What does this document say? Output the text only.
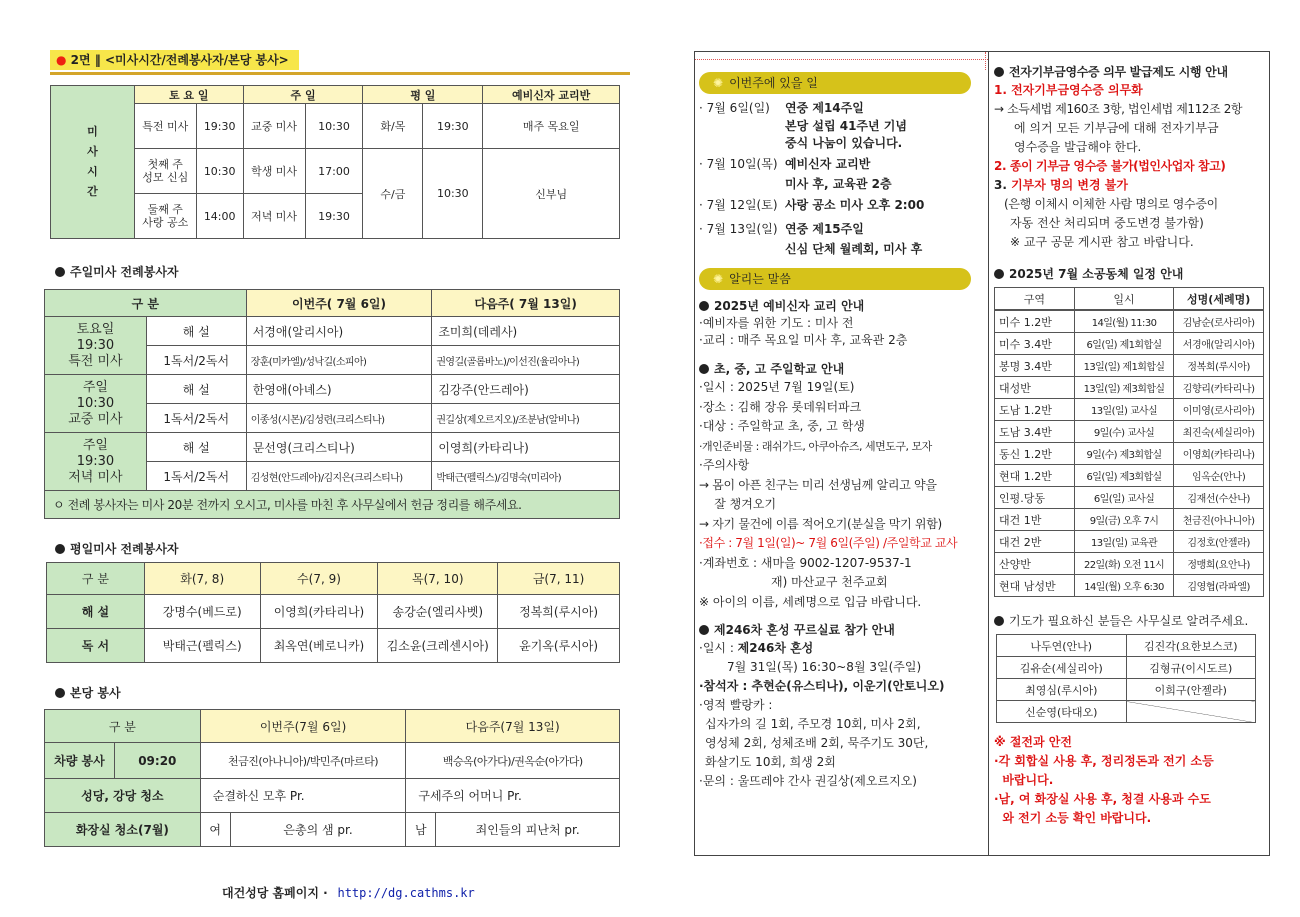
● 2면 ‖ <미사시간/전례봉사자/본당 봉사>
미
사
시
간	토 요 일		주 일		평 일		예비신자 교리반
	특전 미사	19:30	교중 미사	10:30	화/목	19:30	매주 목요일
	첫째 주
성모 신심	10:30	학생 미사	17:00	수/금	10:30	신부님
	둘째 주
사랑 공소	14:00	저녁 미사	19:30			
주일미사 전례봉사자
구 분		이번주( 7월 6일)	다음주( 7월 13일)
토요일
19:30
특전 미사	해 설	서경애(알리시아)	조미희(데레사)
	1독서/2독서	장훈(미카엘)/성낙길(소피아)	권영길(골롬바노)/이선진(율리아나)
주일
10:30
교중 미사	해 설	한영애(아녜스)	김강주(안드레아)
	1독서/2독서	이종성(시몬)/김성련(크리스티나)	권길상(제오르지오)/조분남(알비나)
주일
19:30
저녁 미사	해 설	문선영(크리스티나)	이영희(카타리나)
	1독서/2독서	김성현(안드레아)/김지은(크리스티나)	박태근(펠릭스)/김명숙(미리아)
ㅇ 전례 봉사자는 미사 20분 전까지 오시고, 미사를 마친 후 사무실에서 헌금 정리를 해주세요.			
평일미사 전례봉사자
구 분	화(7, 8)	수(7, 9)	목(7, 10)	금(7, 11)
해 설	강명수(베드로)	이영희(카타리나)	송강순(엘리사벳)	정복희(루시아)
독 서	박태근(펠릭스)	최옥연(베로니카)	김소윤(크레센시아)	윤기옥(루시아)
본당 봉사
구 분		이번주(7월 6일)		다음주(7월 13일)	
차량 봉사	09:20	천금진(아나니아)/박민주(마르타)		백승옥(아가다)/권옥순(아가다)	
성당, 강당 청소		순결하신 모후 Pr.		구세주의 어머니 Pr.	
화장실 청소(7월)		여	은총의 샘 pr.	남	죄인들의 피난처 pr.
대건성당 홈페이지 · http://dg.cathms.kr
✺ 이번주에 있을 일
· 7월 6일(일) 연중 제14주일
본당 설립 41주년 기념
중식 나눔이 있습니다.
· 7월 10일(목) 예비신자 교리반
미사 후, 교육관 2층
· 7월 12일(토) 사랑 공소 미사 오후 2:00
· 7월 13일(일) 연중 제15주일
신심 단체 월례회, 미사 후
✺ 알리는 말씀
2025년 예비신자 교리 안내
·예비자를 위한 기도 : 미사 전
·교리 : 매주 목요일 미사 후, 교육관 2층
초, 중, 고 주일학교 안내
·일시 : 2025년 7월 19일(토)
·장소 : 김해 장유 롯데워터파크
·대상 : 주일학교 초, 중, 고 학생
·개인준비물 : 래쉬가드, 아쿠아슈즈, 세면도구, 모자
·주의사항
→ 몸이 아픈 친구는 미리 선생님께 알리고 약을
잘 챙겨오기
→ 자기 물건에 이름 적어오기(분실을 막기 위함)
·접수 : 7월 1일(일)~ 7월 6일(주일) /주일학교 교사
·계좌번호 : 새마을 9002-1207-9537-1
재) 마산교구 천주교회
※ 아이의 이름, 세례명으로 입금 바랍니다.
제246차 혼성 꾸르실료 참가 안내
·일시 : 제246차 혼성
7월 31일(목) 16:30~8월 3일(주일)
·참석자 : 추현순(유스티나), 이운기(안토니오)
·영적 빨랑카 :
십자가의 길 1회, 주모경 10회, 미사 2회,
영성체 2회, 성체조배 2회, 묵주기도 30단,
화살기도 10회, 희생 2회
·문의 : 울뜨레야 간사 권길상(제오르지오)
전자기부금영수증 의무 발급제도 시행 안내
1. 전자기부금영수증 의무화
→ 소득세법 제160조 3항, 법인세법 제112조 2항
에 의거 모든 기부금에 대해 전자기부금
영수증을 발급해야 한다.
2. 종이 기부금 영수증 불가(법인사업자 참고)
3. 기부자 명의 변경 불가
(은행 이체시 이체한 사람 명의로 영수증이
자동 전산 처리되며 중도변경 불가함)
※ 교구 공문 게시판 참고 바랍니다.
2025년 7월 소공동체 일정 안내
구역	일시	성명(세례명)
미수 1.2반	14일(월) 11:30	김남순(로사리아)
미수 3.4반	6일(일) 제1회합실	서경애(알리시아)
봉명 3.4반	13일(일) 제1회합실	정복희(루시아)
대성반	13일(일) 제3회합실	김향리(카타리나)
도남 1.2반	13일(일) 교사실	이미영(로사리아)
도남 3.4반	9일(수) 교사실	최진숙(세실리아)
동신 1.2반	9일(수) 제3회합실	이영희(카타리나)
현대 1.2반	6일(일) 제3회합실	임옥순(안나)
인평.당동	6일(일) 교사실	김재선(수산나)
대건 1반	9일(금) 오후 7시	천금진(아나니아)
대건 2반	13일(일) 교육관	김정호(안젤라)
산양반	22일(화) 오전 11시	정맹희(요안나)
현대 남성반	14일(월) 오후 6:30	김영협(라파엘)
기도가 필요하신 분들은 사무실로 알려주세요.
나두연(안나)	김진각(요한보스코)
김유순(세실리아)	김형규(이시도르)
최영심(루시아)	이희구(안젤라)
신순영(타대오)	
※ 절전과 안전
·각 회합실 사용 후, 정리정돈과 전기 소등
바랍니다.
·남, 여 화장실 사용 후, 청결 사용과 수도
와 전기 소등 확인 바랍니다.
